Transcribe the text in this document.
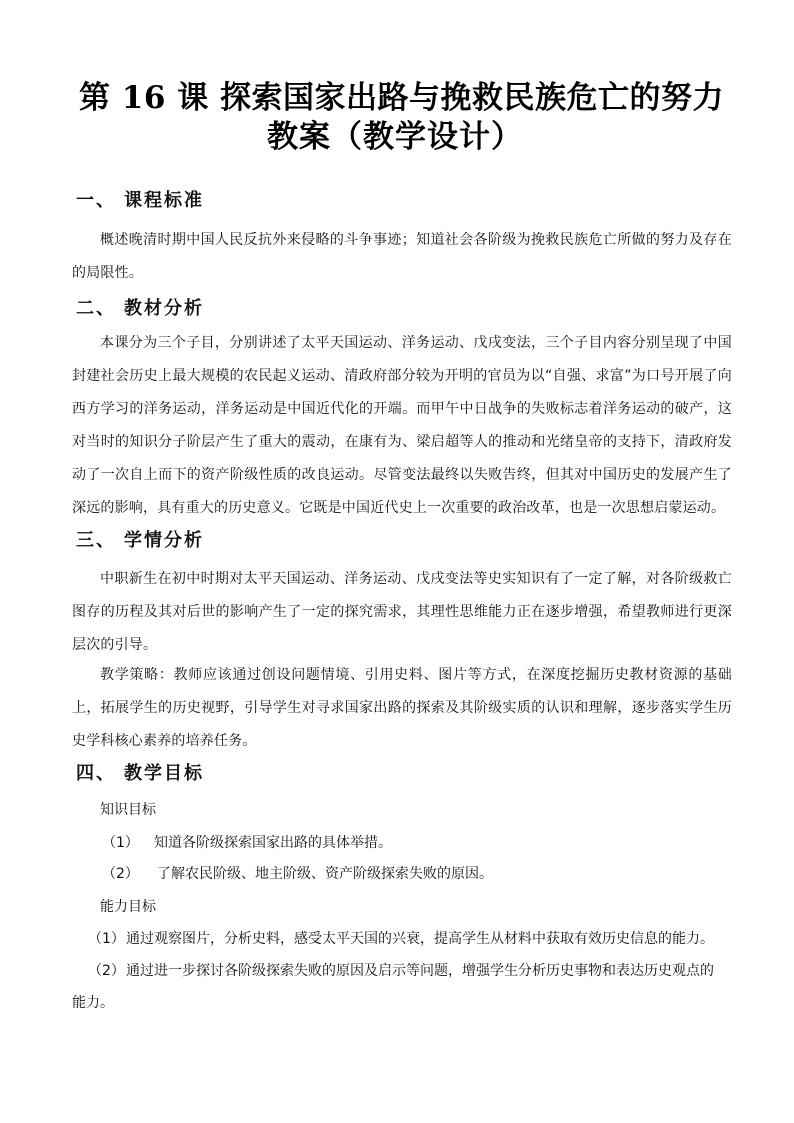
第 16 课 探索国家出路与挽救民族危亡的努力
教案（教学设计）
一、 课程标准
概述晚清时期中国人民反抗外来侵略的斗争事迹；知道社会各阶级为挽救民族危亡所做的努力及存在的局限性。
二、 教材分析
本课分为三个子目，分别讲述了太平天国运动、洋务运动、戊戌变法，三个子目内容分别呈现了中国封建社会历史上最大规模的农民起义运动、清政府部分较为开明的官员为以“自强、求富”为口号开展了向西方学习的洋务运动，洋务运动是中国近代化的开端。而甲午中日战争的失败标志着洋务运动的破产，这对当时的知识分子阶层产生了重大的震动，在康有为、梁启超等人的推动和光绪皇帝的支持下，清政府发动了一次自上而下的资产阶级性质的改良运动。尽管变法最终以失败告终，但其对中国历史的发展产生了深远的影响，具有重大的历史意义。它既是中国近代史上一次重要的政治改革，也是一次思想启蒙运动。
三、 学情分析
中职新生在初中时期对太平天国运动、洋务运动、戊戌变法等史实知识有了一定了解，对各阶级救亡图存的历程及其对后世的影响产生了一定的探究需求，其理性思维能力正在逐步增强，希望教师进行更深层次的引导。
教学策略：教师应该通过创设问题情境、引用史料、图片等方式，在深度挖掘历史教材资源的基础上，拓展学生的历史视野，引导学生对寻求国家出路的探索及其阶级实质的认识和理解，逐步落实学生历史学科核心素养的培养任务。
四、 教学目标
知识目标
（1） 知道各阶级探索国家出路的具体举措。
（2） 了解农民阶级、地主阶级、资产阶级探索失败的原因。
能力目标
（1）通过观察图片，分析史料，感受太平天国的兴衰，提高学生从材料中获取有效历史信息的能力。
（2）通过进一步探讨各阶级探索失败的原因及启示等问题，增强学生分析历史事物和表达历史观点的
能力。
